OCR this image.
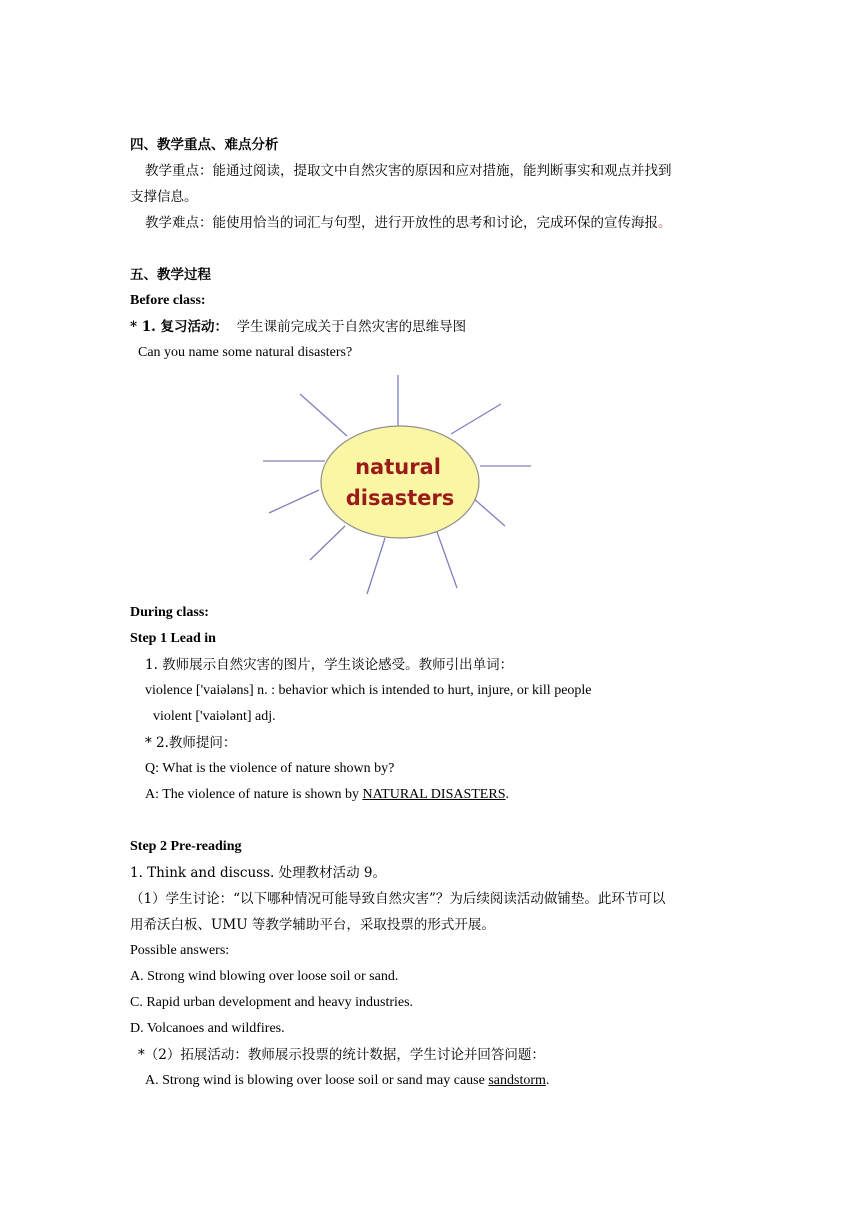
四、教学重点、难点分析
教学重点：能通过阅读，提取文中自然灾害的原因和应对措施，能判断事实和观点并找到
支撑信息。
教学难点：能使用恰当的词汇与句型，进行开放性的思考和讨论，完成环保的宣传海报。
五、教学过程
Before class:
* 1. 复习活动： 学生课前完成关于自然灾害的思维导图
Can you name some natural disasters?
natural
disasters
During class:
Step 1 Lead in
1. 教师展示自然灾害的图片，学生谈论感受。教师引出单词：
violence ['vaiələns] n. : behavior which is intended to hurt, injure, or kill people
violent ['vaiələnt] adj.
* 2.教师提问：
Q: What is the violence of nature shown by?
A: The violence of nature is shown by NATURAL DISASTERS.
Step 2 Pre-reading
1. Think and discuss. 处理教材活动 9。
（1）学生讨论：“以下哪种情况可能导致自然灾害”？为后续阅读活动做铺垫。此环节可以
用希沃白板、UMU 等教学辅助平台，采取投票的形式开展。
Possible answers:
A. Strong wind blowing over loose soil or sand.
C. Rapid urban development and heavy industries.
D. Volcanoes and wildfires.
*（2）拓展活动：教师展示投票的统计数据，学生讨论并回答问题：
A. Strong wind is blowing over loose soil or sand may cause sandstorm.
